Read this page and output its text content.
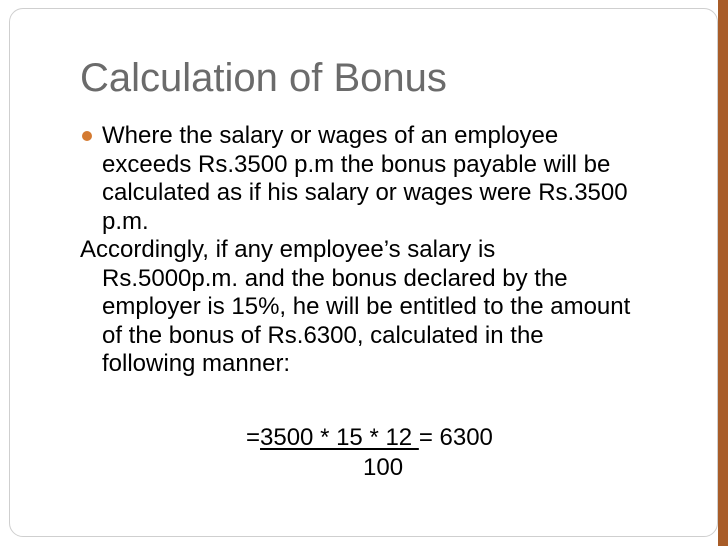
Calculation of Bonus
Where the salary or wages of an employee
exceeds Rs.3500 p.m the bonus payable will be
calculated as if his salary or wages were Rs.3500
p.m.
Accordingly, if any employee’s salary is
Rs.5000p.m. and the bonus declared by the
employer is 15%, he will be entitled to the amount
of the bonus of Rs.6300, calculated in the
following manner:
=3500 * 15 * 12 = 6300
100
